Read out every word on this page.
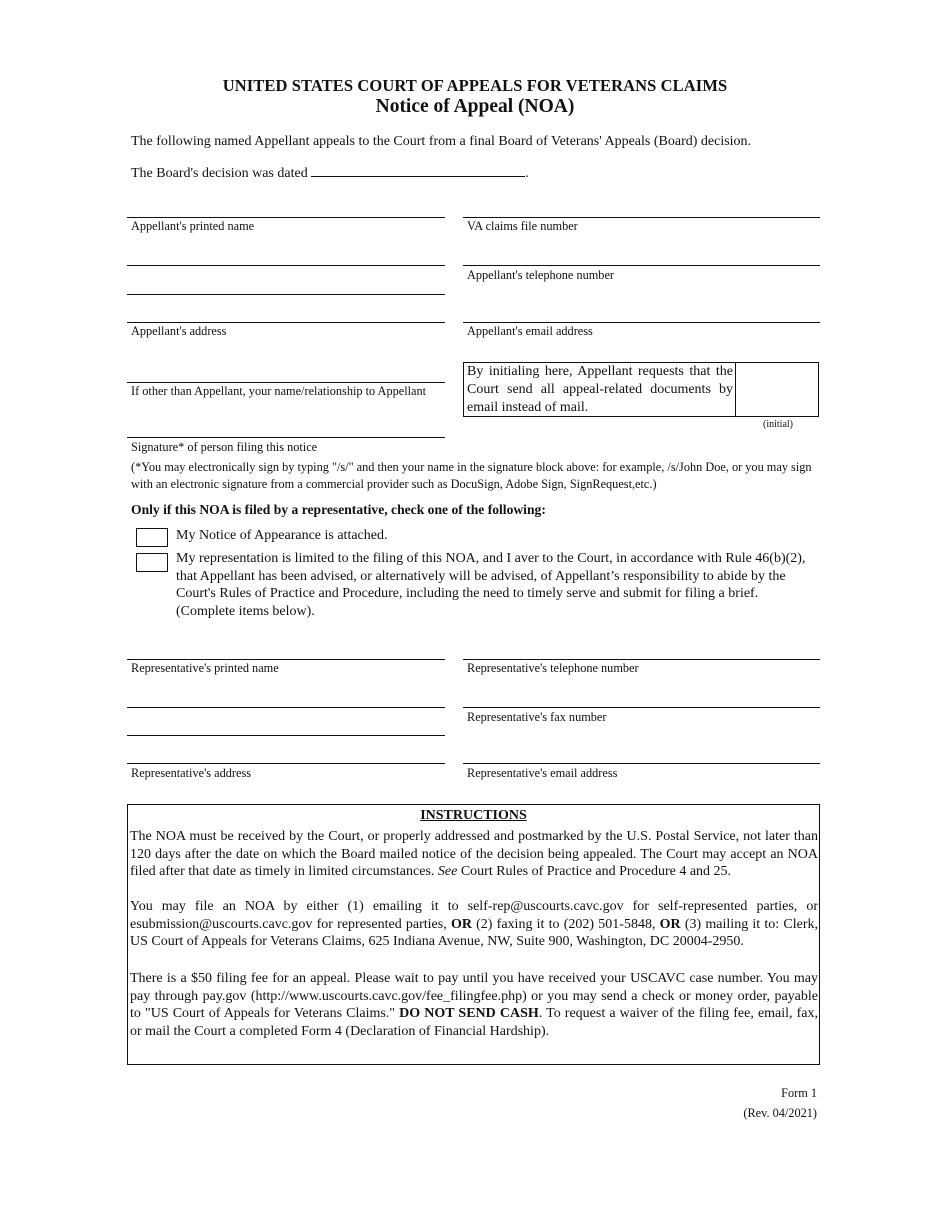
UNITED STATES COURT OF APPEALS FOR VETERANS CLAIMS
Notice of Appeal (NOA)
The following named Appellant appeals to the Court from a final Board of Veterans' Appeals (Board) decision.
The Board's decision was dated	.
Appellant's printed name
Appellant's address
If other than Appellant, your name/relationship to Appellant
Signature* of person filing this notice
VA claims file number
Appellant's telephone number
Appellant's email address
By initialing here, Appellant requests that the Court send all appeal-related documents by email instead of mail.
(initial)
(*You may electronically sign by typing "/s/" and then your name in the signature block above: for example, /s/John Doe, or you may sign with an electronic signature from a commercial provider such as DocuSign, Adobe Sign, SignRequest,etc.)
Only if this NOA is filed by a representative, check one of the following:
My Notice of Appearance is attached.
My representation is limited to the filing of this NOA, and I aver to the Court, in accordance with Rule 46(b)(2), that Appellant has been advised, or alternatively will be advised, of Appellant’s responsibility to abide by the Court's Rules of Practice and Procedure, including the need to timely serve and submit for filing a brief. (Complete items below).
Representative's printed name
Representative's address
Representative's telephone number
Representative's fax number
Representative's email address
INSTRUCTIONS
The NOA must be received by the Court, or properly addressed and postmarked by the U.S. Postal Service, not later than 120 days after the date on which the Board mailed notice of the decision being appealed. The Court may accept an NOA filed after that date as timely in limited circumstances. See Court Rules of Practice and Procedure 4 and 25.
You may file an NOA by either (1) emailing it to self-rep@uscourts.cavc.gov for self-represented parties, or esubmission@uscourts.cavc.gov for represented parties, OR (2) faxing it to (202) 501-5848, OR (3) mailing it to: Clerk, US Court of Appeals for Veterans Claims, 625 Indiana Avenue, NW, Suite 900, Washington, DC 20004-2950.
There is a $50 filing fee for an appeal. Please wait to pay until you have received your USCAVC case number. You may pay through pay.gov (http://www.uscourts.cavc.gov/fee_filingfee.php) or you may send a check or money order, payable to "US Court of Appeals for Veterans Claims." DO NOT SEND CASH. To request a waiver of the filing fee, email, fax, or mail the Court a completed Form 4 (Declaration of Financial Hardship).
Form 1
(Rev. 04/2021)
